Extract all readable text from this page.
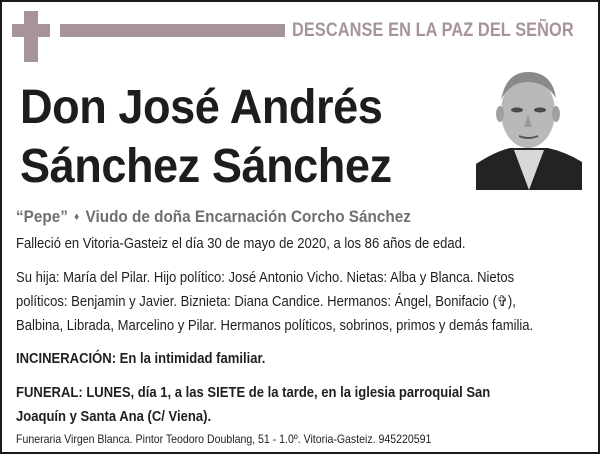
DESCANSE EN LA PAZ DEL SEÑOR
Don José Andrés
Sánchez Sánchez
“Pepe” ♦ Viudo de doña Encarnación Corcho Sánchez
Falleció en Vitoria-Gasteiz el día 30 de mayo de 2020, a los 86 años de edad.
Su hija: María del Pilar. Hijo político: José Antonio Vicho. Nietas: Alba y Blanca. Nietos
políticos: Benjamin y Javier. Biznieta: Diana Candice. Hermanos: Ángel, Bonifacio (✞),
Balbina, Librada, Marcelino y Pilar. Hermanos políticos, sobrinos, primos y demás familia.
INCINERACIÓN: En la intimidad familiar.
FUNERAL: LUNES, día 1, a las SIETE de la tarde, en la iglesia parroquial San
Joaquín y Santa Ana (C/ Viena).
Funeraria Virgen Blanca. Pintor Teodoro Doublang, 51 - 1.0º. Vitoria-Gasteiz. 945220591
